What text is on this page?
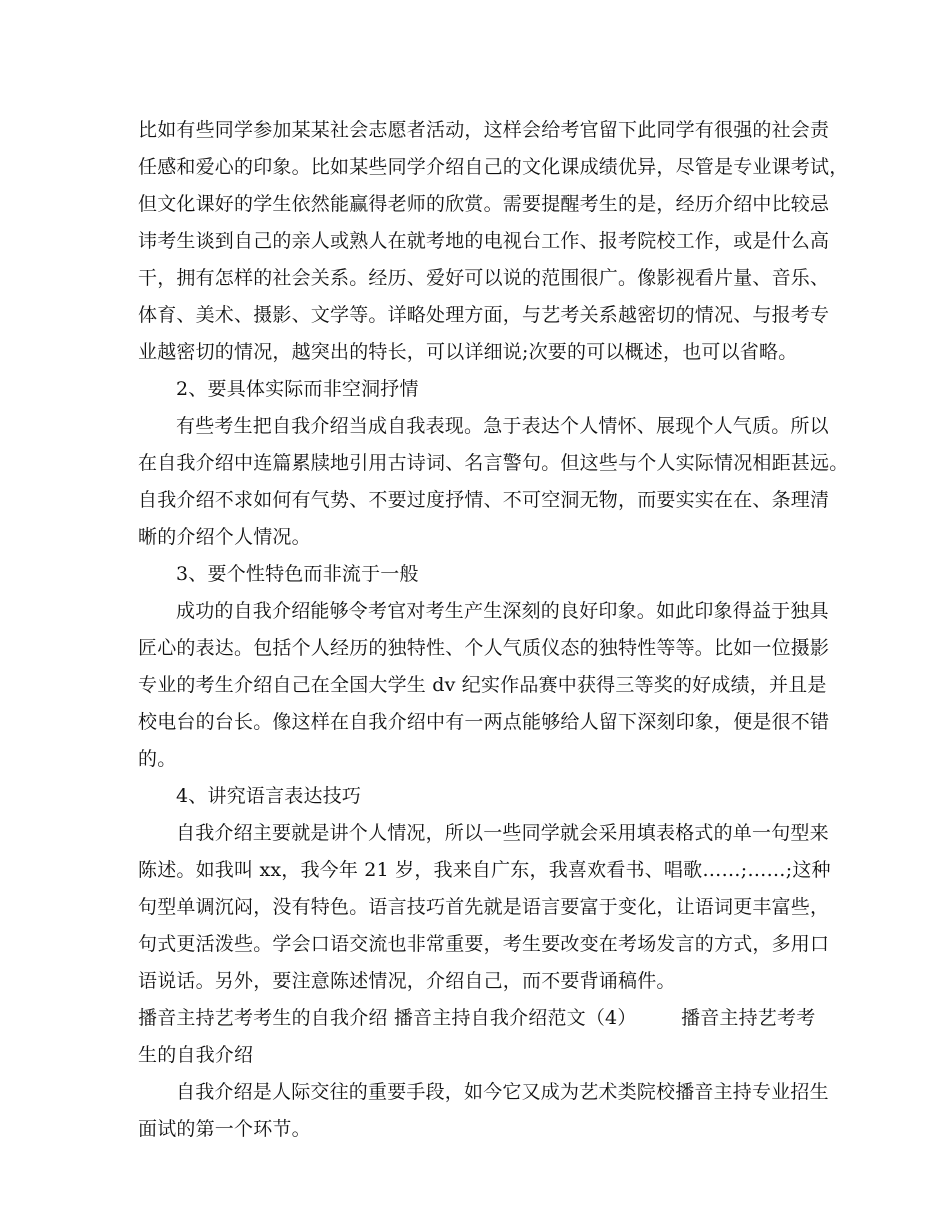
比如有些同学参加某某社会志愿者活动，这样会给考官留下此同学有很强的社会责
任感和爱心的印象。比如某些同学介绍自己的文化课成绩优异，尽管是专业课考试，
但文化课好的学生依然能赢得老师的欣赏。需要提醒考生的是，经历介绍中比较忌
讳考生谈到自己的亲人或熟人在就考地的电视台工作、报考院校工作，或是什么高
干，拥有怎样的社会关系。经历、爱好可以说的范围很广。像影视看片量、音乐、
体育、美术、摄影、文学等。详略处理方面，与艺考关系越密切的情况、与报考专
业越密切的情况，越突出的特长，可以详细说;次要的可以概述，也可以省略。
2、要具体实际而非空洞抒情
有些考生把自我介绍当成自我表现。急于表达个人情怀、展现个人气质。所以
在自我介绍中连篇累牍地引用古诗词、名言警句。但这些与个人实际情况相距甚远。
自我介绍不求如何有气势、不要过度抒情、不可空洞无物，而要实实在在、条理清
晰的介绍个人情况。
3、要个性特色而非流于一般
成功的自我介绍能够令考官对考生产生深刻的良好印象。如此印象得益于独具
匠心的表达。包括个人经历的独特性、个人气质仪态的独特性等等。比如一位摄影
专业的考生介绍自己在全国大学生 dv 纪实作品赛中获得三等奖的好成绩，并且是
校电台的台长。像这样在自我介绍中有一两点能够给人留下深刻印象，便是很不错
的。
4、讲究语言表达技巧
自我介绍主要就是讲个人情况，所以一些同学就会采用填表格式的单一句型来
陈述。如我叫 xx，我今年 21 岁，我来自广东，我喜欢看书、唱歌……;……;这种
句型单调沉闷，没有特色。语言技巧首先就是语言要富于变化，让语词更丰富些，
句式更活泼些。学会口语交流也非常重要，考生要改变在考场发言的方式，多用口
语说话。另外，要注意陈述情况，介绍自己，而不要背诵稿件。
播音主持艺考考生的自我介绍 播音主持自我介绍范文（4） 播音主持艺考考
生的自我介绍
自我介绍是人际交往的重要手段，如今它又成为艺术类院校播音主持专业招生
面试的第一个环节。
